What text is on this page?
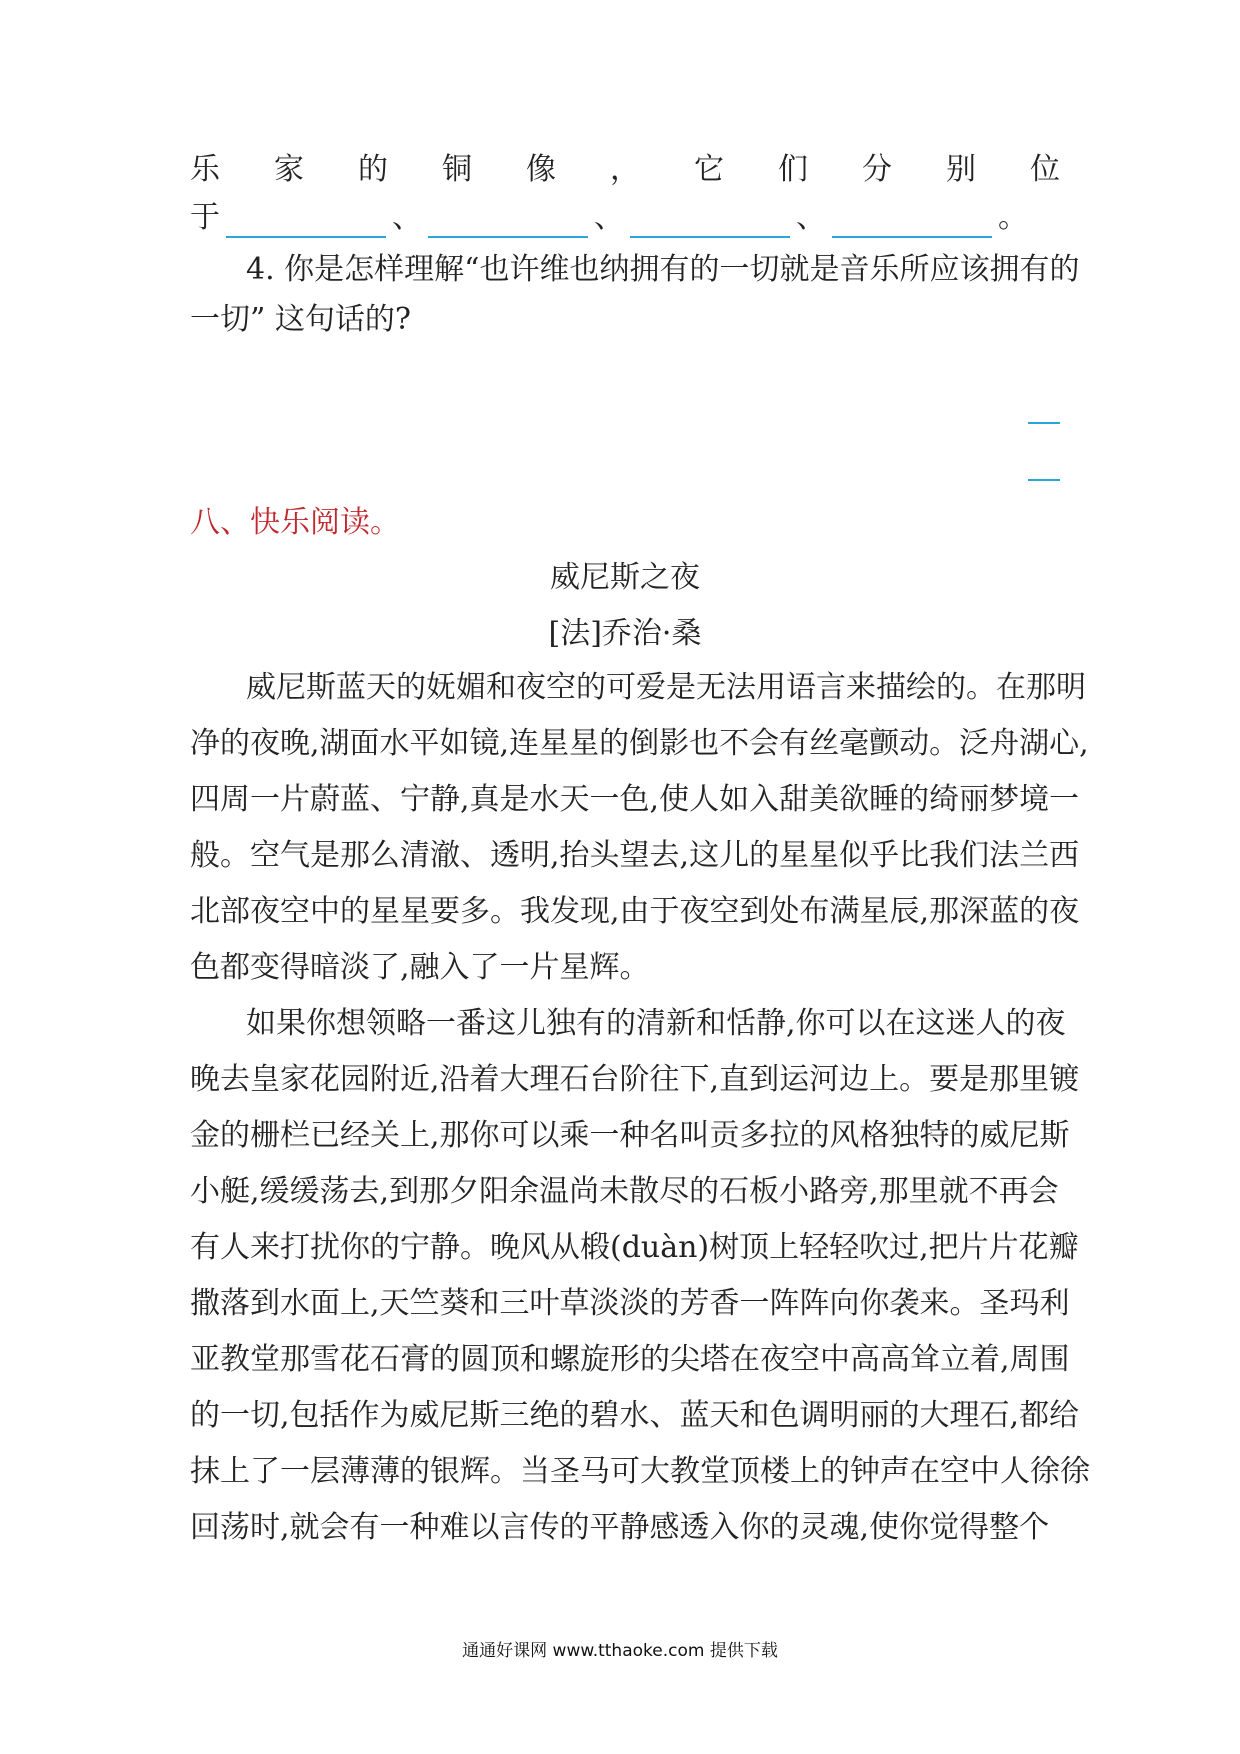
乐 家 的 铜 像 ， 它 们 分 别 位
于	、	、	、	。
4. 你是怎样理解“也许维也纳拥有的一切就是音乐所应该拥有的
一切” 这句话的?
八、快乐阅读。
威尼斯之夜
[法]乔治·桑
威尼斯蓝天的妩媚和夜空的可爱是无法用语言来描绘的。在那明
净的夜晚,湖面水平如镜,连星星的倒影也不会有丝毫颤动。泛舟湖心,
四周一片蔚蓝、宁静,真是水天一色,使人如入甜美欲睡的绮丽梦境一
般。空气是那么清澈、透明,抬头望去,这儿的星星似乎比我们法兰西
北部夜空中的星星要多。我发现,由于夜空到处布满星辰,那深蓝的夜
色都变得暗淡了,融入了一片星辉。
如果你想领略一番这儿独有的清新和恬静,你可以在这迷人的夜
晚去皇家花园附近,沿着大理石台阶往下,直到运河边上。要是那里镀
金的栅栏已经关上,那你可以乘一种名叫贡多拉的风格独特的威尼斯
小艇,缓缓荡去,到那夕阳余温尚未散尽的石板小路旁,那里就不再会
有人来打扰你的宁静。晚风从椴(duàn)树顶上轻轻吹过,把片片花瓣
撒落到水面上,天竺葵和三叶草淡淡的芳香一阵阵向你袭来。圣玛利
亚教堂那雪花石膏的圆顶和螺旋形的尖塔在夜空中高高耸立着,周围
的一切,包括作为威尼斯三绝的碧水、蓝天和色调明丽的大理石,都给
抹上了一层薄薄的银辉。当圣马可大教堂顶楼上的钟声在空中人徐徐
回荡时,就会有一种难以言传的平静感透入你的灵魂,使你觉得整个
通通好课网 www.tthaoke.com 提供下载
